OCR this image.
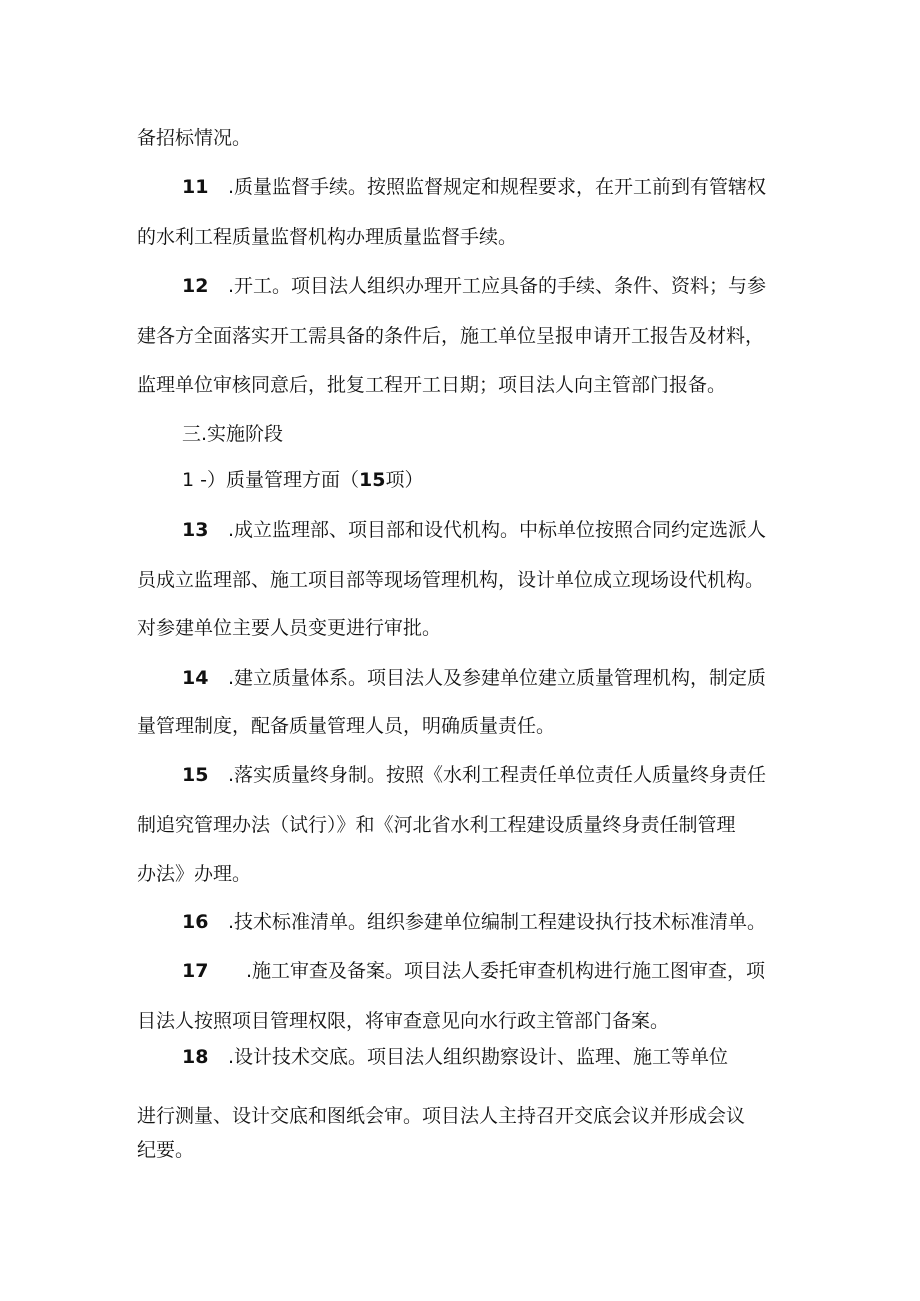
备招标情况。
11 .质量监督手续。按照监督规定和规程要求，在开工前到有管辖权
的水利工程质量监督机构办理质量监督手续。
12 .开工。项目法人组织办理开工应具备的手续、条件、资料；与参
建各方全面落实开工需具备的条件后，施工单位呈报申请开工报告及材料，
监理单位审核同意后，批复工程开工日期；项目法人向主管部门报备。
三.实施阶段
1 -）质量管理方面（15项）
13 .成立监理部、项目部和设代机构。中标单位按照合同约定选派人
员成立监理部、施工项目部等现场管理机构，设计单位成立现场设代机构。
对参建单位主要人员变更进行审批。
14 .建立质量体系。项目法人及参建单位建立质量管理机构，制定质
量管理制度，配备质量管理人员，明确质量责任。
15 .落实质量终身制。按照《水利工程责任单位责任人质量终身责任
制追究管理办法（试行）》和《河北省水利工程建设质量终身责任制管理
办法》办理。
16 .技术标准清单。组织参建单位编制工程建设执行技术标准清单。
17 .施工审查及备案。项目法人委托审查机构进行施工图审查，项
目法人按照项目管理权限，将审查意见向水行政主管部门备案。
18 .设计技术交底。项目法人组织勘察设计、监理、施工等单位
进行测量、设计交底和图纸会审。项目法人主持召开交底会议并形成会议
纪要。
